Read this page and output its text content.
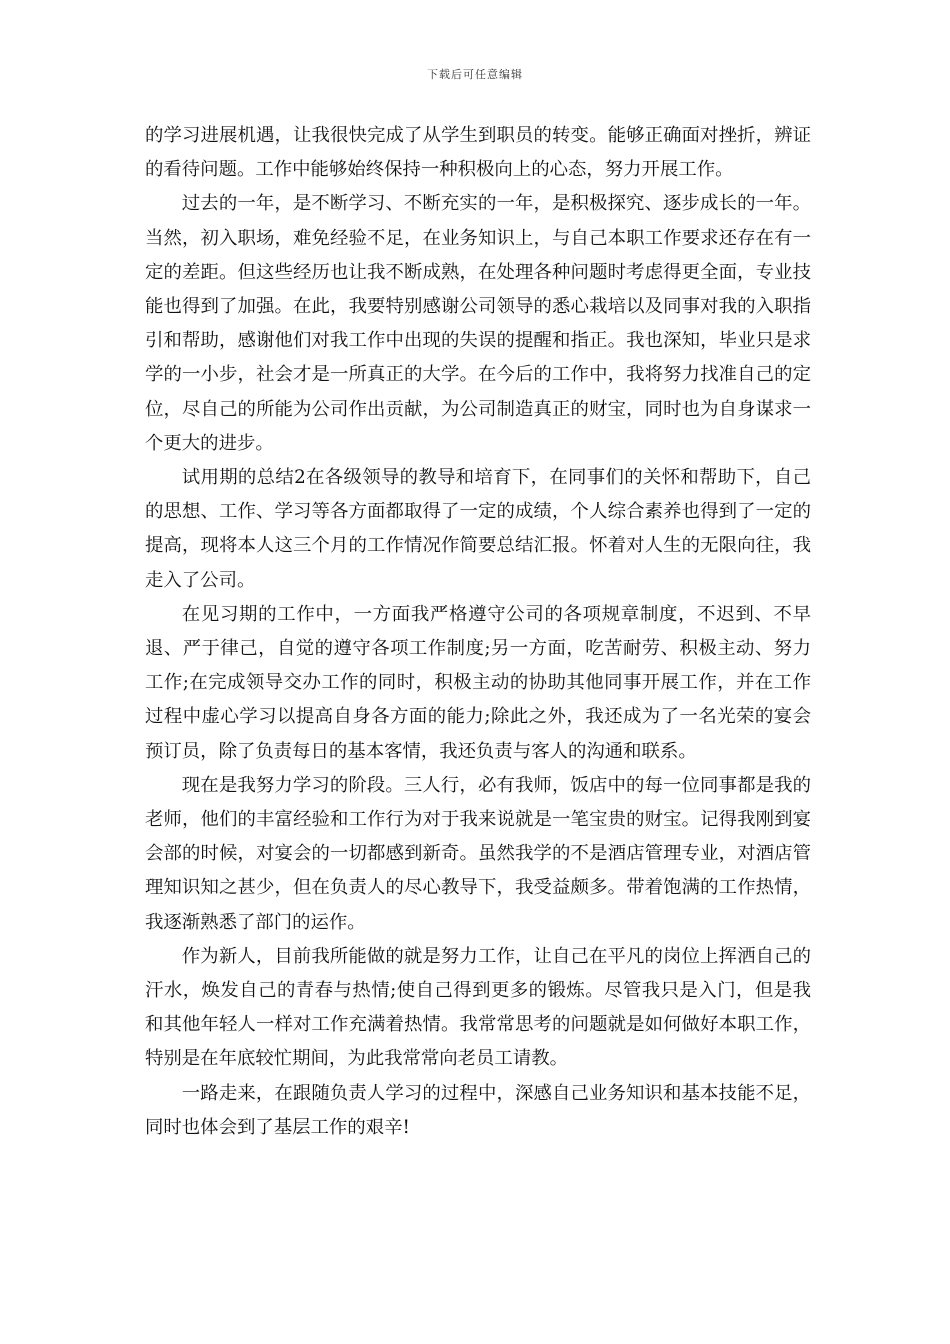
下载后可任意编辑

的学习进展机遇，让我很快完成了从学生到职员的转变。能够正确面对挫折，辨证的看待问题。工作中能够始终保持一种积极向上的心态，努力开展工作。

过去的一年，是不断学习、不断充实的一年，是积极探究、逐步成长的一年。当然，初入职场，难免经验不足，在业务知识上，与自己本职工作要求还存在有一定的差距。但这些经历也让我不断成熟，在处理各种问题时考虑得更全面，专业技能也得到了加强。在此，我要特别感谢公司领导的悉心栽培以及同事对我的入职指引和帮助，感谢他们对我工作中出现的失误的提醒和指正。我也深知，毕业只是求学的一小步，社会才是一所真正的大学。在今后的工作中，我将努力找准自己的定位，尽自己的所能为公司作出贡献，为公司制造真正的财宝，同时也为自身谋求一个更大的进步。

试用期的总结2在各级领导的教导和培育下，在同事们的关怀和帮助下，自己的思想、工作、学习等各方面都取得了一定的成绩，个人综合素养也得到了一定的提高，现将本人这三个月的工作情况作简要总结汇报。怀着对人生的无限向往，我走入了公司。

在见习期的工作中，一方面我严格遵守公司的各项规章制度，不迟到、不早退、严于律己，自觉的遵守各项工作制度;另一方面，吃苦耐劳、积极主动、努力工作;在完成领导交办工作的同时，积极主动的协助其他同事开展工作，并在工作过程中虚心学习以提高自身各方面的能力;除此之外，我还成为了一名光荣的宴会预订员，除了负责每日的基本客情，我还负责与客人的沟通和联系。

现在是我努力学习的阶段。三人行，必有我师，饭店中的每一位同事都是我的老师，他们的丰富经验和工作行为对于我来说就是一笔宝贵的财宝。记得我刚到宴会部的时候，对宴会的一切都感到新奇。虽然我学的不是酒店管理专业，对酒店管理知识知之甚少，但在负责人的尽心教导下，我受益颇多。带着饱满的工作热情，我逐渐熟悉了部门的运作。

作为新人，目前我所能做的就是努力工作，让自己在平凡的岗位上挥洒自己的汗水，焕发自己的青春与热情;使自己得到更多的锻炼。尽管我只是入门，但是我和其他年轻人一样对工作充满着热情。我常常思考的问题就是如何做好本职工作，特别是在年底较忙期间，为此我常常向老员工请教。

一路走来，在跟随负责人学习的过程中，深感自己业务知识和基本技能不足，同时也体会到了基层工作的艰辛!
